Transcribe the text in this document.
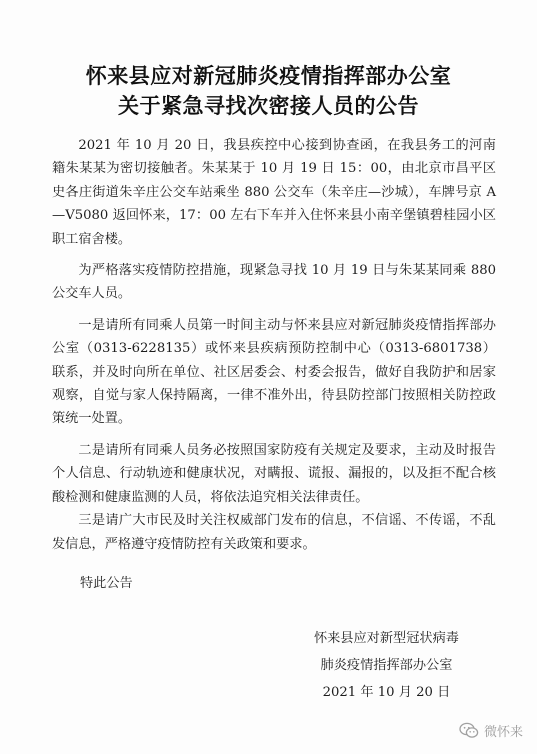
怀来县应对新冠肺炎疫情指挥部办公室
关于紧急寻找次密接人员的公告

2021 年 10 月 20 日，我县疾控中心接到协查函，在我县务工的河南籍朱某某为密切接触者。朱某某于 10 月 19 日 15：00，由北京市昌平区史各庄街道朱辛庄公交车站乘坐 880 公交车（朱辛庄—沙城），车牌号京 A—V5080 返回怀来，17：00 左右下车并入住怀来县小南辛堡镇碧桂园小区职工宿舍楼。

为严格落实疫情防控措施，现紧急寻找 10 月 19 日与朱某某同乘 880 公交车人员。

一是请所有同乘人员第一时间主动与怀来县应对新冠肺炎疫情指挥部办公室（0313-6228135）或怀来县疾病预防控制中心（0313-6801738）联系，并及时向所在单位、社区居委会、村委会报告，做好自我防护和居家观察，自觉与家人保持隔离，一律不准外出，待县防控部门按照相关防控政策统一处置。

二是请所有同乘人员务必按照国家防疫有关规定及要求，主动及时报告个人信息、行动轨迹和健康状况，对瞒报、谎报、漏报的，以及拒不配合核酸检测和健康监测的人员，将依法追究相关法律责任。

三是请广大市民及时关注权威部门发布的信息，不信谣、不传谣，不乱发信息，严格遵守疫情防控有关政策和要求。

特此公告
怀来县应对新型冠状病毒
肺炎疫情指挥部办公室
2021 年 10 月 20 日
微怀来
